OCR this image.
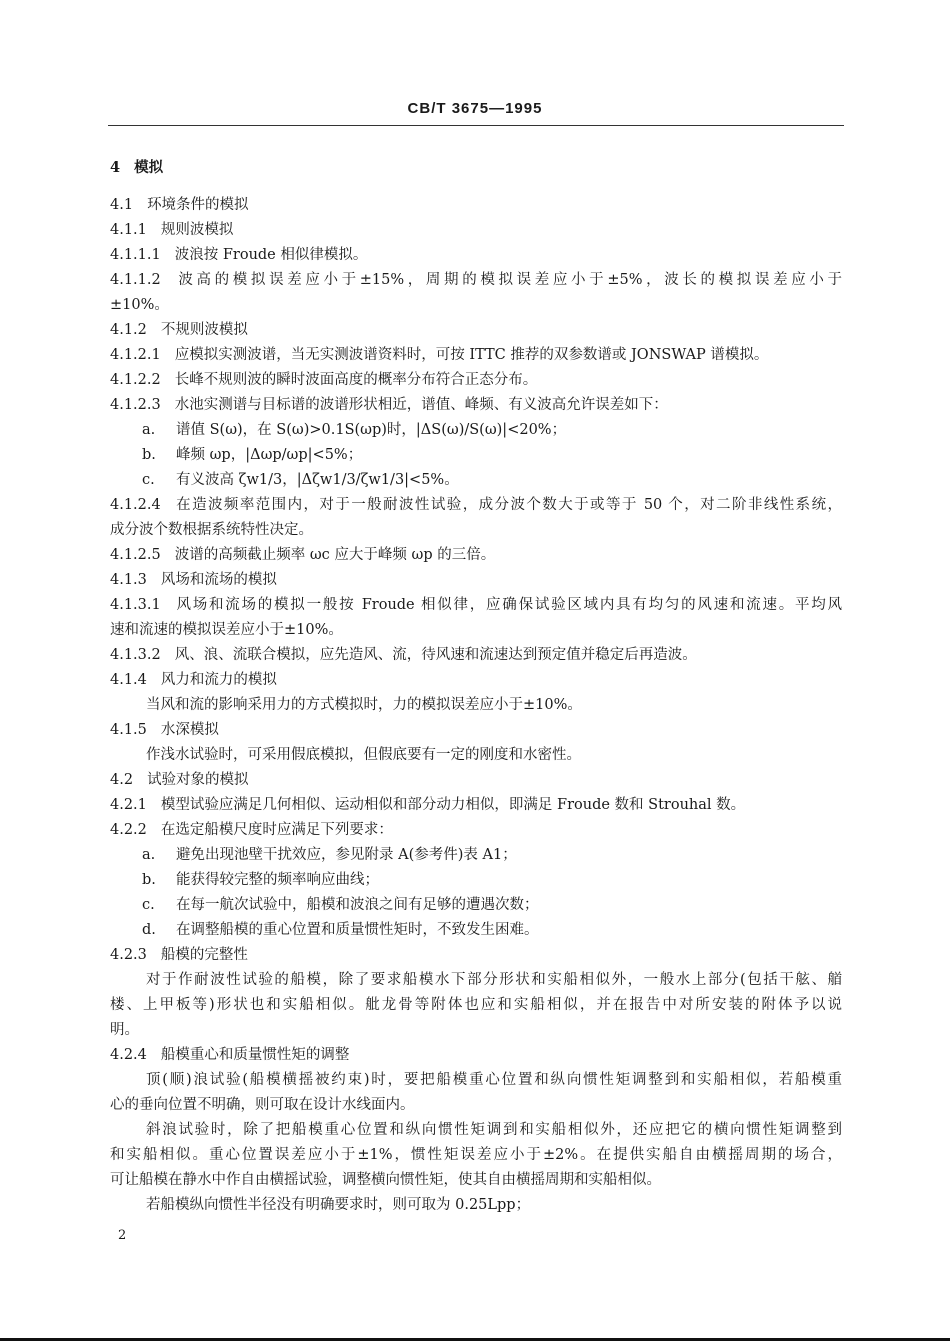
CB/T 3675—1995
4 模拟
4.1 环境条件的模拟
4.1.1 规则波模拟
4.1.1.1 波浪按 Froude 相似律模拟。
4.1.1.2 波高的模拟误差应小于±15%，周期的模拟误差应小于±5%，波长的模拟误差应小于
±10%。
4.1.2 不规则波模拟
4.1.2.1 应模拟实测波谱，当无实测波谱资料时，可按 ITTC 推荐的双参数谱或 JONSWAP 谱模拟。
4.1.2.2 长峰不规则波的瞬时波面高度的概率分布符合正态分布。
4.1.2.3 水池实测谱与目标谱的波谱形状相近，谱值、峰频、有义波高允许误差如下：
a. 谱值 S(ω)，在 S(ω)>0.1S(ωp)时，|ΔS(ω)/S(ω)|<20%；
b. 峰频 ωp，|Δωp/ωp|<5%；
c. 有义波高 ζw1/3，|Δζw1/3/ζw1/3|<5%。
4.1.2.4 在造波频率范围内，对于一般耐波性试验，成分波个数大于或等于 50 个，对二阶非线性系统，
成分波个数根据系统特性决定。
4.1.2.5 波谱的高频截止频率 ωc 应大于峰频 ωp 的三倍。
4.1.3 风场和流场的模拟
4.1.3.1 风场和流场的模拟一般按 Froude 相似律，应确保试验区域内具有均匀的风速和流速。平均风
速和流速的模拟误差应小于±10%。
4.1.3.2 风、浪、流联合模拟，应先造风、流，待风速和流速达到预定值并稳定后再造波。
4.1.4 风力和流力的模拟
当风和流的影响采用力的方式模拟时，力的模拟误差应小于±10%。
4.1.5 水深模拟
作浅水试验时，可采用假底模拟，但假底要有一定的刚度和水密性。
4.2 试验对象的模拟
4.2.1 模型试验应满足几何相似、运动相似和部分动力相似，即满足 Froude 数和 Strouhal 数。
4.2.2 在选定船模尺度时应满足下列要求：
a. 避免出现池壁干扰效应，参见附录 A(参考件)表 A1；
b. 能获得较完整的频率响应曲线；
c. 在每一航次试验中，船模和波浪之间有足够的遭遇次数；
d. 在调整船模的重心位置和质量惯性矩时，不致发生困难。
4.2.3 船模的完整性
对于作耐波性试验的船模，除了要求船模水下部分形状和实船相似外，一般水上部分(包括干舷、艏
楼、上甲板等)形状也和实船相似。舭龙骨等附体也应和实船相似，并在报告中对所安装的附体予以说
明。
4.2.4 船模重心和质量惯性矩的调整
顶(顺)浪试验(船模横摇被约束)时，要把船模重心位置和纵向惯性矩调整到和实船相似，若船模重
心的垂向位置不明确，则可取在设计水线面内。
斜浪试验时，除了把船模重心位置和纵向惯性矩调到和实船相似外，还应把它的横向惯性矩调整到
和实船相似。重心位置误差应小于±1%，惯性矩误差应小于±2%。在提供实船自由横摇周期的场合，
可让船模在静水中作自由横摇试验，调整横向惯性矩，使其自由横摇周期和实船相似。
若船模纵向惯性半径没有明确要求时，则可取为 0.25Lpp；
2
